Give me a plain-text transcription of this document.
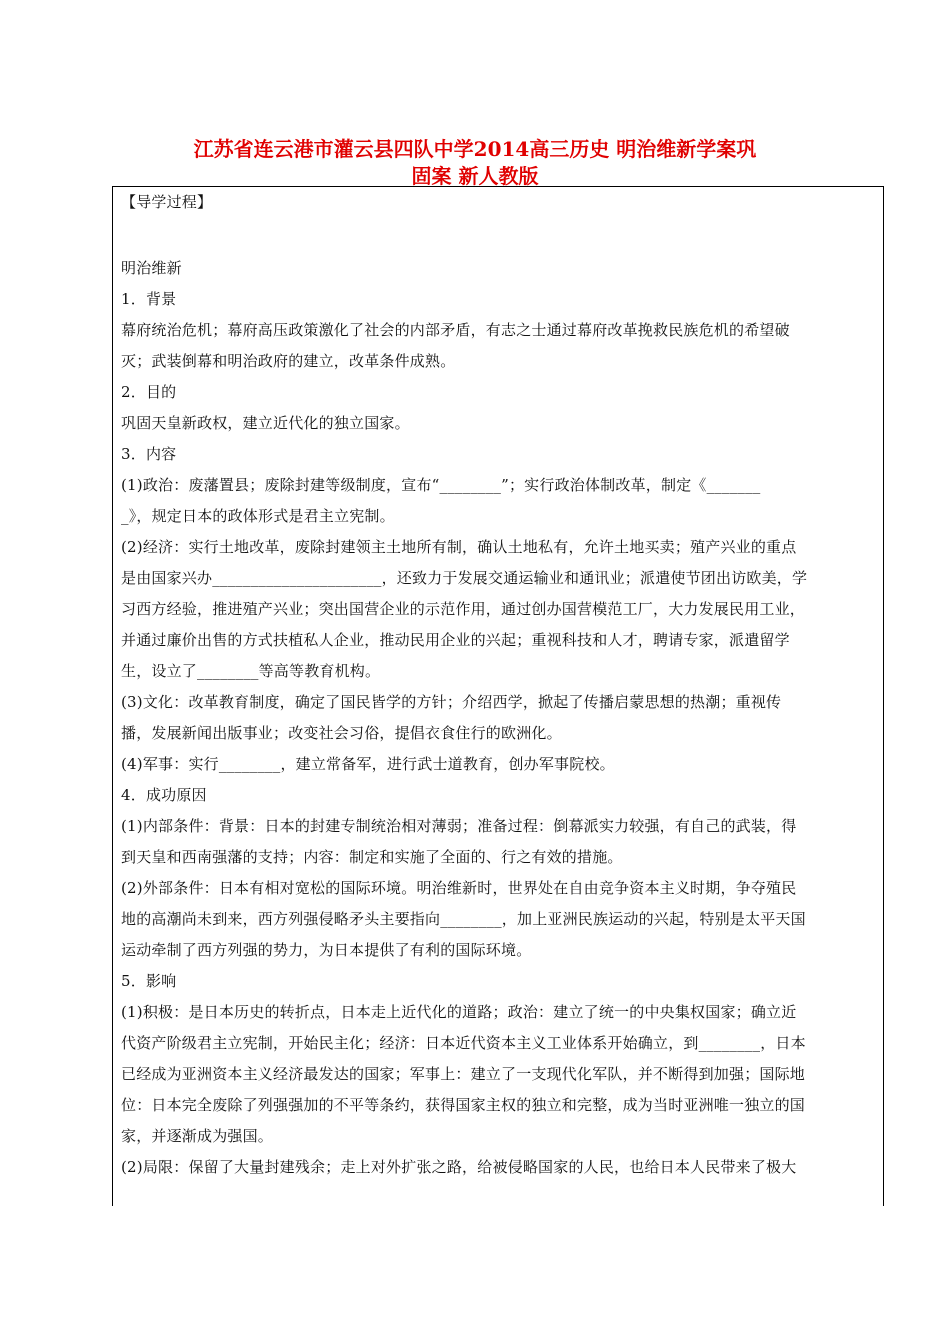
江苏省连云港市灌云县四队中学2014高三历史 明治维新学案巩
固案 新人教版
【导学过程】
明治维新
1．背景
幕府统治危机；幕府高压政策激化了社会的内部矛盾，有志之士通过幕府改革挽救民族危机的希望破
灭；武装倒幕和明治政府的建立，改革条件成熟。
2．目的
巩固天皇新政权，建立近代化的独立国家。
3．内容
(1)政治：废藩置县；废除封建等级制度，宣布“________”；实行政治体制改革，制定《_______
_》，规定日本的政体形式是君主立宪制。
(2)经济：实行土地改革，废除封建领主土地所有制，确认土地私有，允许土地买卖；殖产兴业的重点
是由国家兴办______________________，还致力于发展交通运输业和通讯业；派遣使节团出访欧美，学
习西方经验，推进殖产兴业；突出国营企业的示范作用，通过创办国营模范工厂，大力发展民用工业，
并通过廉价出售的方式扶植私人企业，推动民用企业的兴起；重视科技和人才，聘请专家，派遣留学
生，设立了________等高等教育机构。
(3)文化：改革教育制度，确定了国民皆学的方针；介绍西学，掀起了传播启蒙思想的热潮；重视传
播，发展新闻出版事业；改变社会习俗，提倡衣食住行的欧洲化。
(4)军事：实行________，建立常备军，进行武士道教育，创办军事院校。
4．成功原因
(1)内部条件：背景：日本的封建专制统治相对薄弱；准备过程：倒幕派实力较强，有自己的武装，得
到天皇和西南强藩的支持；内容：制定和实施了全面的、行之有效的措施。
(2)外部条件：日本有相对宽松的国际环境。明治维新时，世界处在自由竞争资本主义时期，争夺殖民
地的高潮尚未到来，西方列强侵略矛头主要指向________，加上亚洲民族运动的兴起，特别是太平天国
运动牵制了西方列强的势力，为日本提供了有利的国际环境。
5．影响
(1)积极：是日本历史的转折点，日本走上近代化的道路；政治：建立了统一的中央集权国家；确立近
代资产阶级君主立宪制，开始民主化；经济：日本近代资本主义工业体系开始确立，到________，日本
已经成为亚洲资本主义经济最发达的国家；军事上：建立了一支现代化军队，并不断得到加强；国际地
位：日本完全废除了列强强加的不平等条约，获得国家主权的独立和完整，成为当时亚洲唯一独立的国
家，并逐渐成为强国。
(2)局限：保留了大量封建残余；走上对外扩张之路，给被侵略国家的人民，也给日本人民带来了极大
